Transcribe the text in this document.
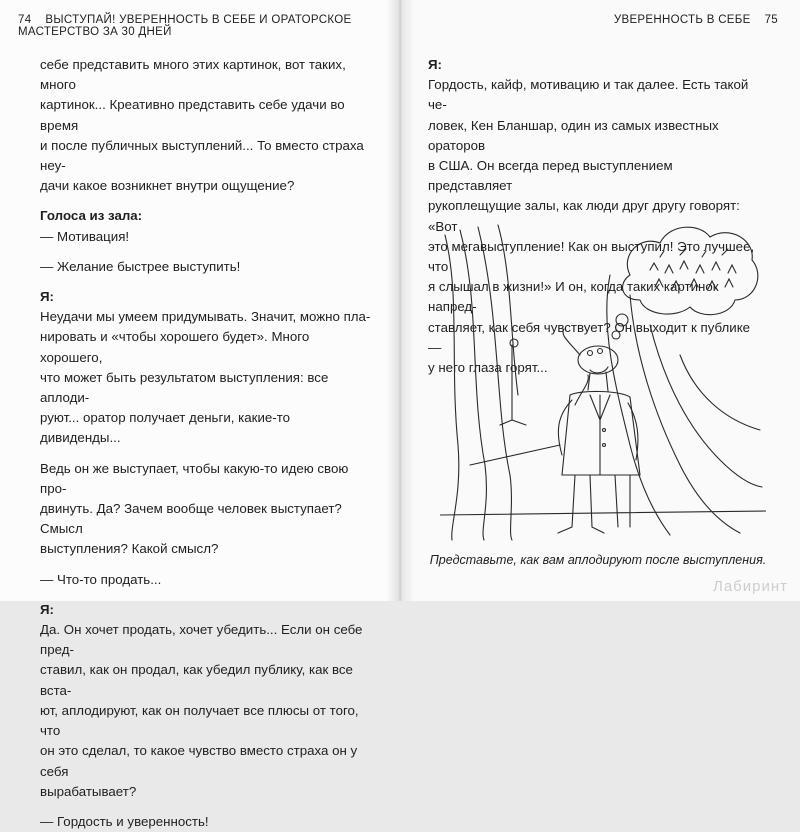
74 ВЫСТУПАЙ! УВЕРЕННОСТЬ В СЕБЕ И ОРАТОРСКОЕ МАСТЕРСТВО ЗА 30 ДНЕЙ

себе представить много этих картинок, вот таких, много

картинок... Креативно представить себе удачи во время

и после публичных выступлений... То вместо страха неу-

дачи какое возникнет внутри ощущение?

Голоса из зала:

— Мотивация!

— Желание быстрее выступить!

Я:

Неудачи мы умеем придумывать. Значит, можно пла-

нировать и «чтобы хорошего будет». Много хорошего,

что может быть результатом выступления: все аплоди-

руют... оратор получает деньги, какие-то дивиденды...

Ведь он же выступает, чтобы какую-то идею свою про-

двинуть. Да? Зачем вообще человек выступает? Смысл

выступления? Какой смысл?

— Что-то продать...

Я:

Да. Он хочет продать, хочет убедить... Если он себе пред-

ставил, как он продал, как убедил публику, как все вста-

ют, аплодируют, как он получает все плюсы от того, что

он это сделал, то какое чувство вместо страха он у себя

вырабатывает?

— Гордость и уверенность!

УВЕРЕННОСТЬ В СЕБЕ 75

Я:

Гордость, кайф, мотивацию и так далее. Есть такой че-

ловек, Кен Бланшар, один из самых известных ораторов

в США. Он всегда перед выступлением представляет

рукоплещущие залы, как люди друг другу говорят: «Вот

это мегавыступление! Как он выступил! Это лучшее, что

я слышал в жизни!» И он, когда таких картинок напред-

ставляет, как себя чувствует? Он выходит к публике —

у него глаза горят...

Представьте, как вам аплодируют после выступления.
Лабиринт
